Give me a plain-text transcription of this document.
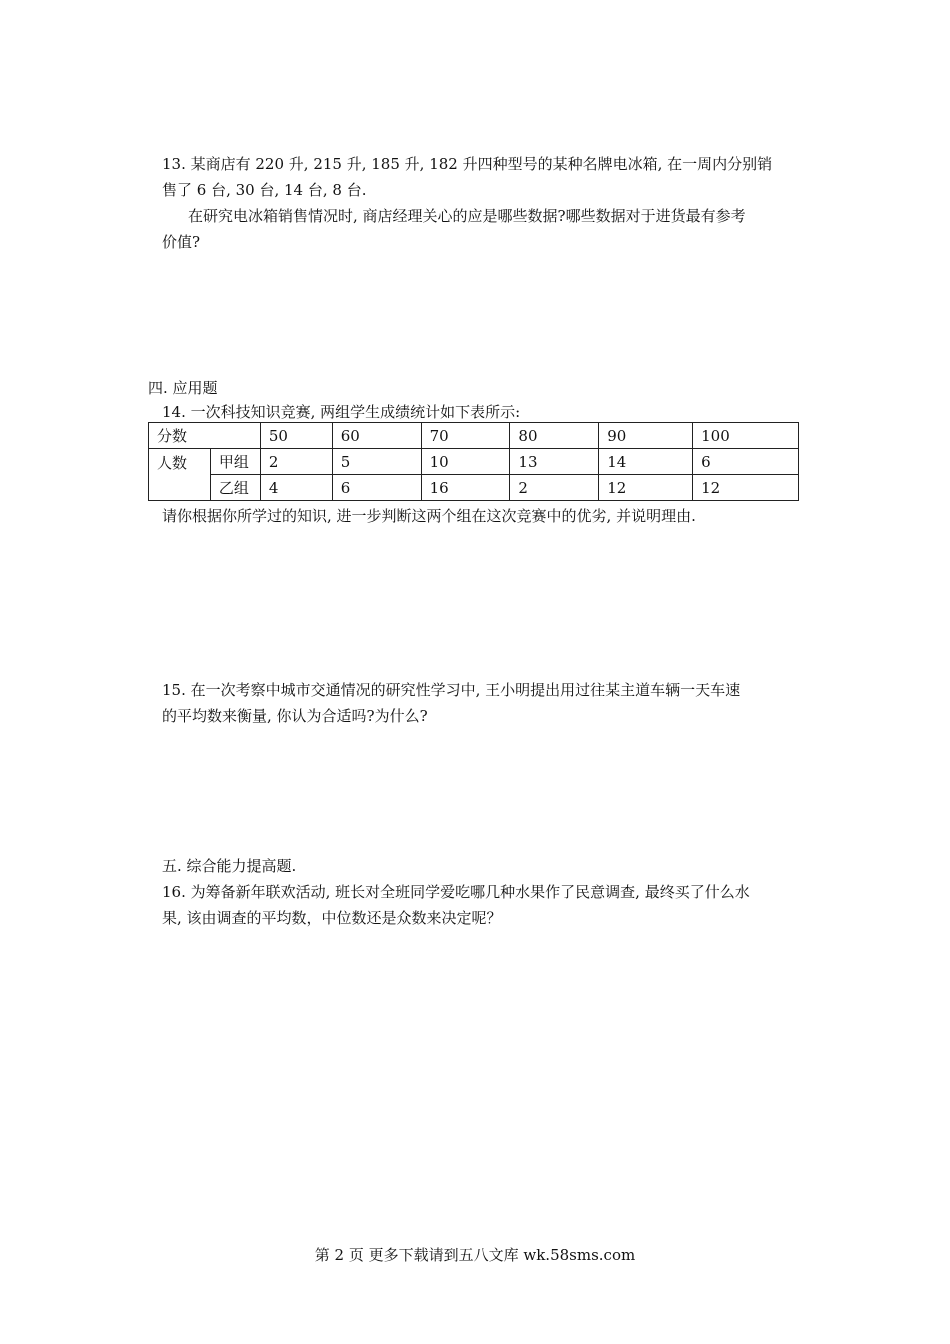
13. 某商店有 220 升, 215 升, 185 升, 182 升四种型号的某种名牌电冰箱, 在一周内分别销
售了 6 台, 30 台, 14 台, 8 台.
在研究电冰箱销售情况时, 商店经理关心的应是哪些数据?哪些数据对于进货最有参考
价值?
四. 应用题
14. 一次科技知识竞赛, 两组学生成绩统计如下表所示:
分数		50	60	70	80	90	100
人数	甲组	2	5	10	13	14	6
	乙组	4	6	16	2	12	12
请你根据你所学过的知识, 进一步判断这两个组在这次竞赛中的优劣, 并说明理由.
15. 在一次考察中城市交通情况的研究性学习中, 王小明提出用过往某主道车辆一天车速
的平均数来衡量, 你认为合适吗?为什么?
五. 综合能力提高题.
16. 为筹备新年联欢活动, 班长对全班同学爱吃哪几种水果作了民意调查, 最终买了什么水
果, 该由调查的平均数，中位数还是众数来决定呢？
第 2 页 更多下载请到五八文库 wk.58sms.com
